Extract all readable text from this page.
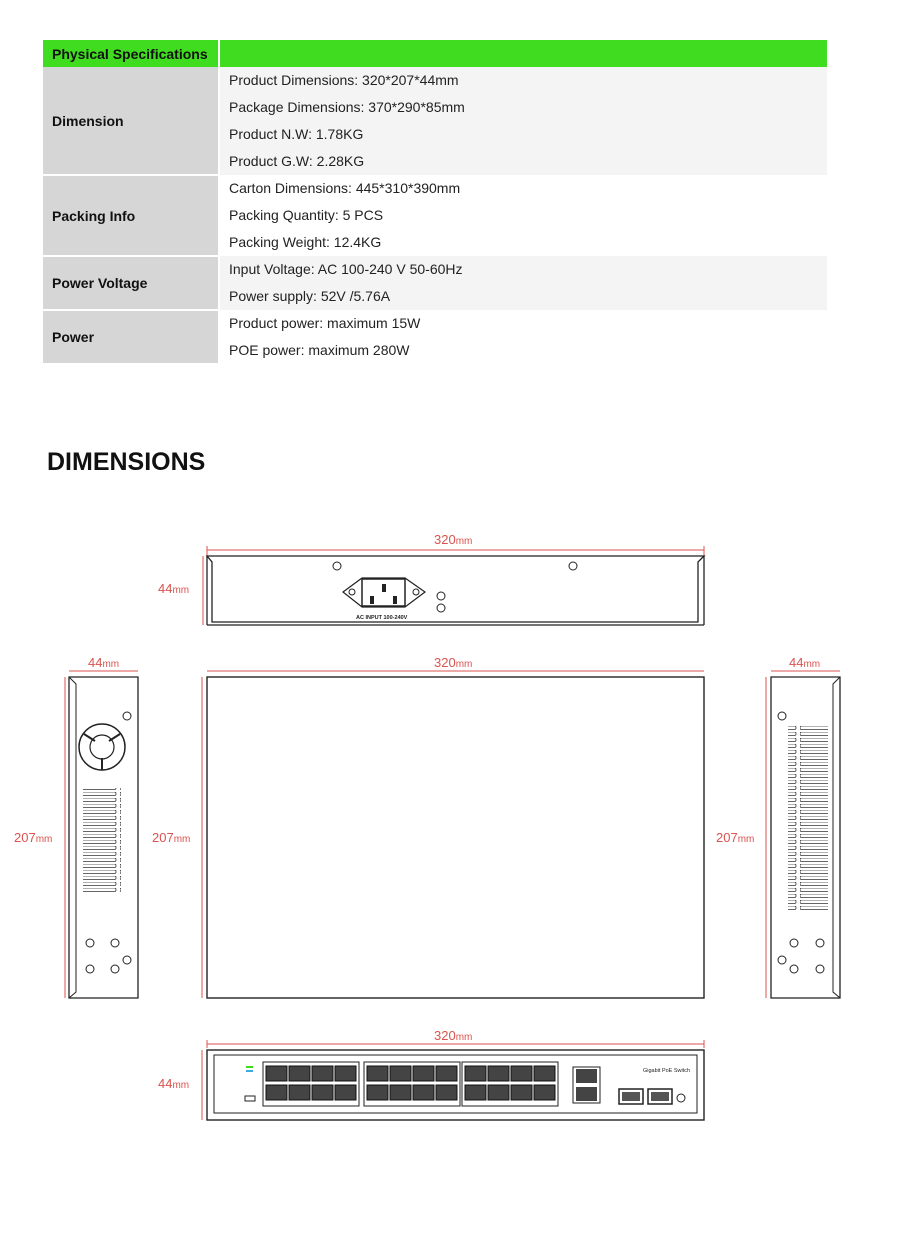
Physical Specifications	
Dimension	Product Dimensions: 320*207*44mm
	Package Dimensions: 370*290*85mm
	Product N.W: 1.78KG
	Product G.W: 2.28KG
Packing Info	Carton Dimensions: 445*310*390mm
	Packing Quantity: 5 PCS
	Packing Weight: 12.4KG
Power Voltage	Input Voltage: AC 100-240 V 50-60Hz
	Power supply: 52V /5.76A
Power	Product power: maximum 15W
	POE power: maximum 280W
DIMENSIONS
320mm
44mm
AC INPUT 100-240V
44mm
207mm
320mm
207mm
44mm
207mm
320mm
44mm
Gigabit PoE Switch
